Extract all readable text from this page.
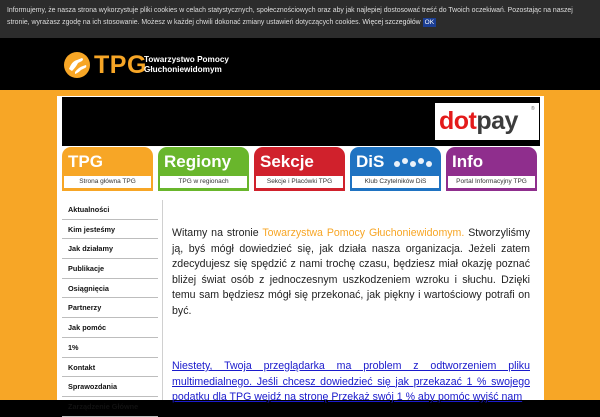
Informujemy, że nasza strona wykorzystuje pliki cookies w celach statystycznych, społecznościowych oraz aby jak najlepiej dostosować treść do Twoich oczekiwań. Pozostając na naszej stronie, wyrażasz zgodę na ich stosowanie. Możesz w każdej chwili dokonać zmiany ustawień dotyczących cookies. Więcej szczegółów OK

TPG
Towarzystwo Pomocy
Głuchoniewidomym
dotpay	®
TPG
Strona główna TPG
Regiony
TPG w regionach
Sekcje
Sekcje i Placówki TPG
DiS
Klub Czytelników DiS
Info
Portal Informacyjny TPG
Aktualności
Kim jesteśmy
Jak działamy
Publikacje
Osiągnięcia
Partnerzy
Jak pomóc
1%
Kontakt
Sprawozdania
Zarządzenie Główne

Witamy na stronie Towarzystwa Pomocy Głuchoniewidomym. Stworzyliśmy ją, byś mógł dowiedzieć się, jak działa nasza organizacja. Jeżeli zatem zdecydujesz się spędzić z nami trochę czasu, będziesz miał okazję poznać bliżej świat osób z jednoczesnym uszkodzeniem wzroku i słuchu. Dzięki temu sam będziesz mógł się przekonać, jak piękny i wartościowy potrafi on być.

Niestety, Twoja przeglądarka ma problem z odtworzeniem pliku multimedialnego. Jeśli chcesz dowiedzieć się jak przekazać 1 % swojego podatku dla TPG wejdź na stronę Przekaż swój 1 % aby pomóc wyjść nam
